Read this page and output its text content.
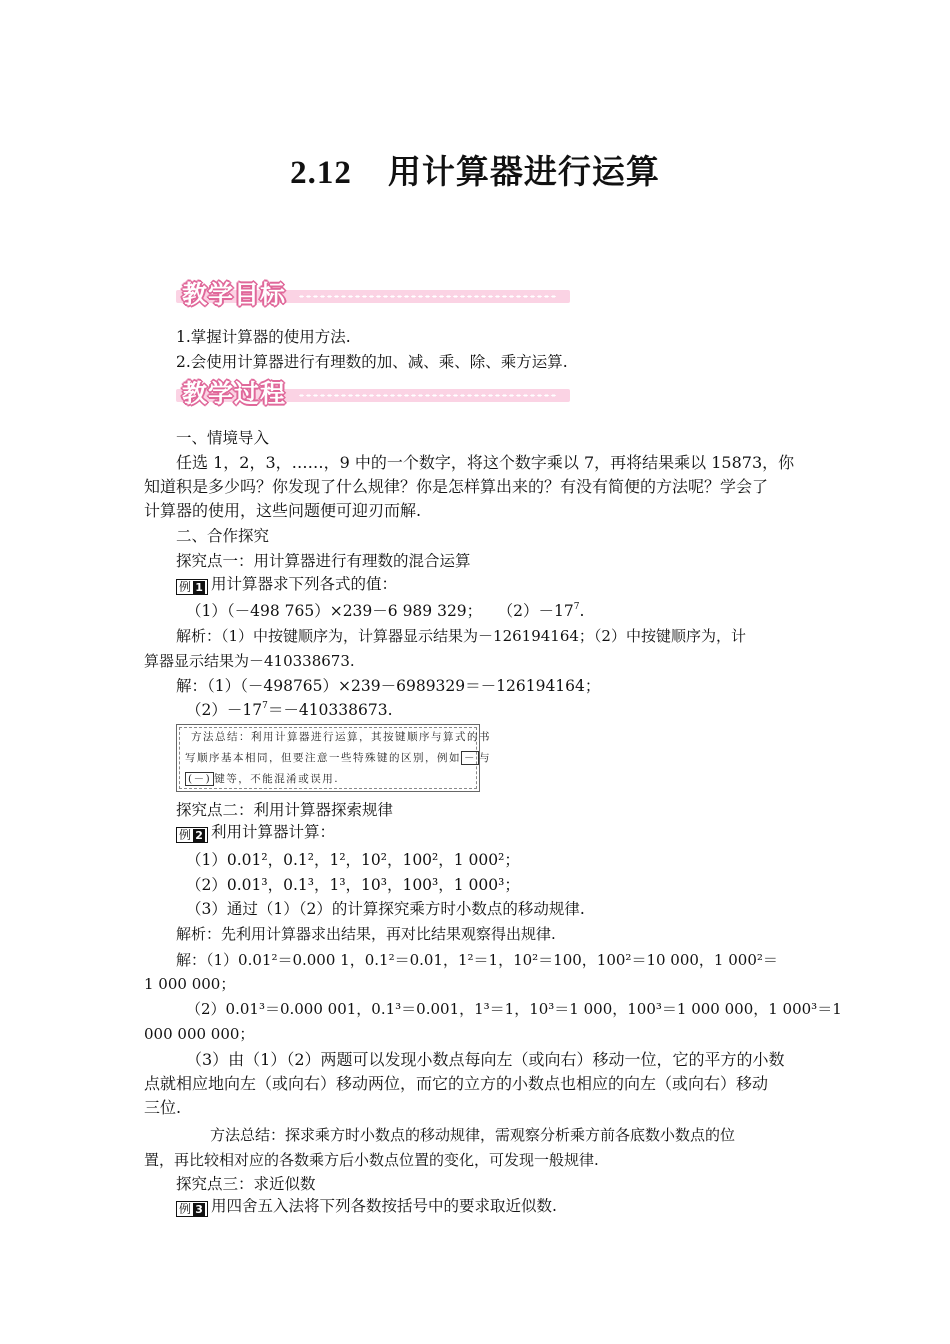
2.12 用计算器进行运算
教学目标
1.掌握计算器的使用方法.
2.会使用计算器进行有理数的加、减、乘、除、乘方运算.
教学过程
一、情境导入
任选 1，2，3，……，9 中的一个数字，将这个数字乘以 7，再将结果乘以 15873，你
知道积是多少吗？你发现了什么规律？你是怎样算出来的？有没有简便的方法呢？学会了
计算器的使用，这些问题便可迎刃而解.
二、合作探究
探究点一：用计算器进行有理数的混合运算
例 1 用计算器求下列各式的值：
（1）（－498 765）×239－6 989 329；　　$(2)-17^7$.
解析：（1）中按键顺序为，计算器显示结果为－126194164；（2）中按键顺序为，计
算器显示结果为－410338673.
解：（1）（－498765）×239－6989329＝－126194164；
$(2)-17^7=-410338673$.
方法总结：利用计算器进行运算，其按键顺序与算式的书
写顺序基本相同，但要注意一些特殊键的区别，例如 － 与
(－) 键等，不能混淆或误用.
探究点二：利用计算器探索规律
例 2 利用计算器计算：
（1）0.01²，0.1²，1²，10²，100²，1 000²；
（2）0.01³，0.1³，1³，10³，100³，1 000³；
（3）通过（1）（2）的计算探究乘方时小数点的移动规律.
解析：先利用计算器求出结果，再对比结果观察得出规律.
解：（1）0.01²＝0.000 1，0.1²＝0.01，1²＝1，10²＝100，100²＝10 000，1 000²＝
1 000 000；
（2）0.01³＝0.000 001，0.1³＝0.001，1³＝1，10³＝1 000，100³＝1 000 000，1 000³＝1
000 000 000；
（3）由（1）（2）两题可以发现小数点每向左（或向右）移动一位，它的平方的小数
点就相应地向左（或向右）移动两位，而它的立方的小数点也相应的向左（或向右）移动
三位.
方法总结：探求乘方时小数点的移动规律，需观察分析乘方前各底数小数点的位
置，再比较相对应的各数乘方后小数点位置的变化，可发现一般规律.
探究点三：求近似数
例 3 用四舍五入法将下列各数按括号中的要求取近似数.
